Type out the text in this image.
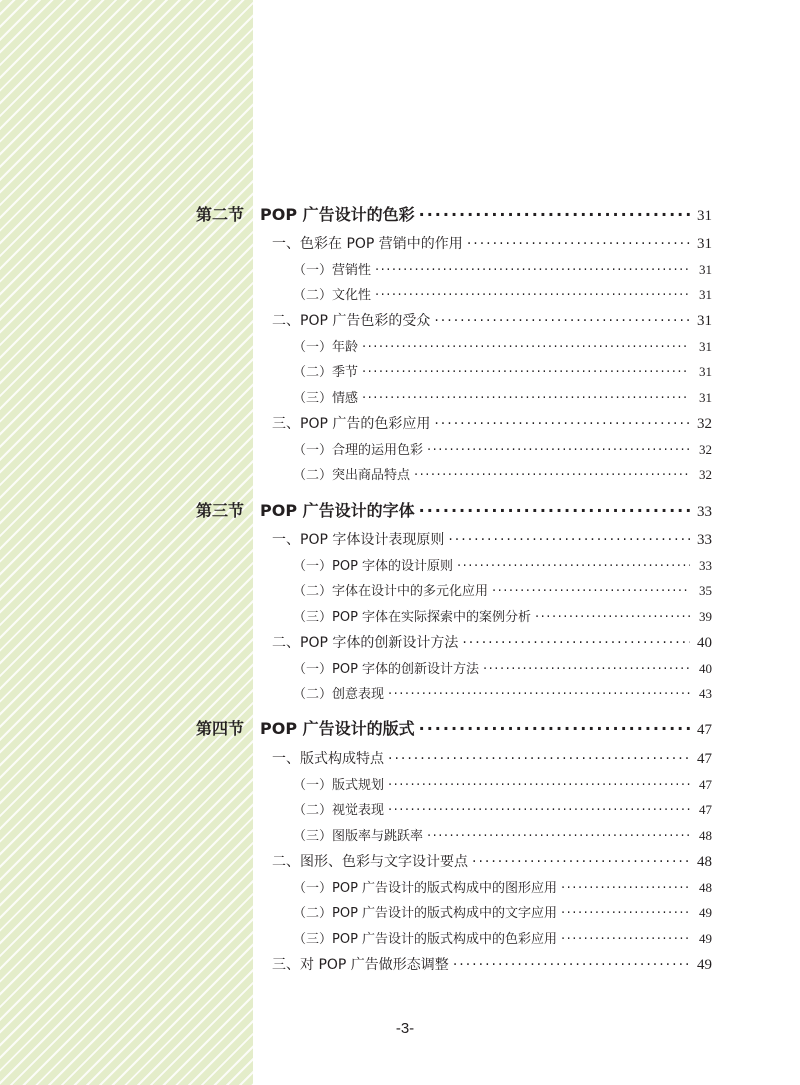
第二节 POP 广告设计的色彩 ·····	31
一、色彩在 POP 营销中的作用 ·····	31
（一）营销性 ·····	31
（二）文化性 ·····	31
二、POP 广告色彩的受众 ·····	31
（一）年龄 ·····	31
（二）季节 ·····	31
（三）情感 ·····	31
三、POP 广告的色彩应用 ·····	32
（一）合理的运用色彩 ·····	32
（二）突出商品特点 ·····	32
第三节 POP 广告设计的字体 ·····	33
一、POP 字体设计表现原则 ·····	33
（一）POP 字体的设计原则 ·····	33
（二）字体在设计中的多元化应用 ·····	35
（三）POP 字体在实际探索中的案例分析 ·····	39
二、POP 字体的创新设计方法 ·····	40
（一）POP 字体的创新设计方法 ·····	40
（二）创意表现 ·····	43
第四节 POP 广告设计的版式 ·····	47
一、版式构成特点 ·····	47
（一）版式规划 ·····	47
（二）视觉表现 ·····	47
（三）图版率与跳跃率 ·····	48
二、图形、色彩与文字设计要点 ·····	48
（一）POP 广告设计的版式构成中的图形应用 ·····	48
（二）POP 广告设计的版式构成中的文字应用 ·····	49
（三）POP 广告设计的版式构成中的色彩应用 ·····	49
三、对 POP 广告做形态调整 ·····	49
-3-
